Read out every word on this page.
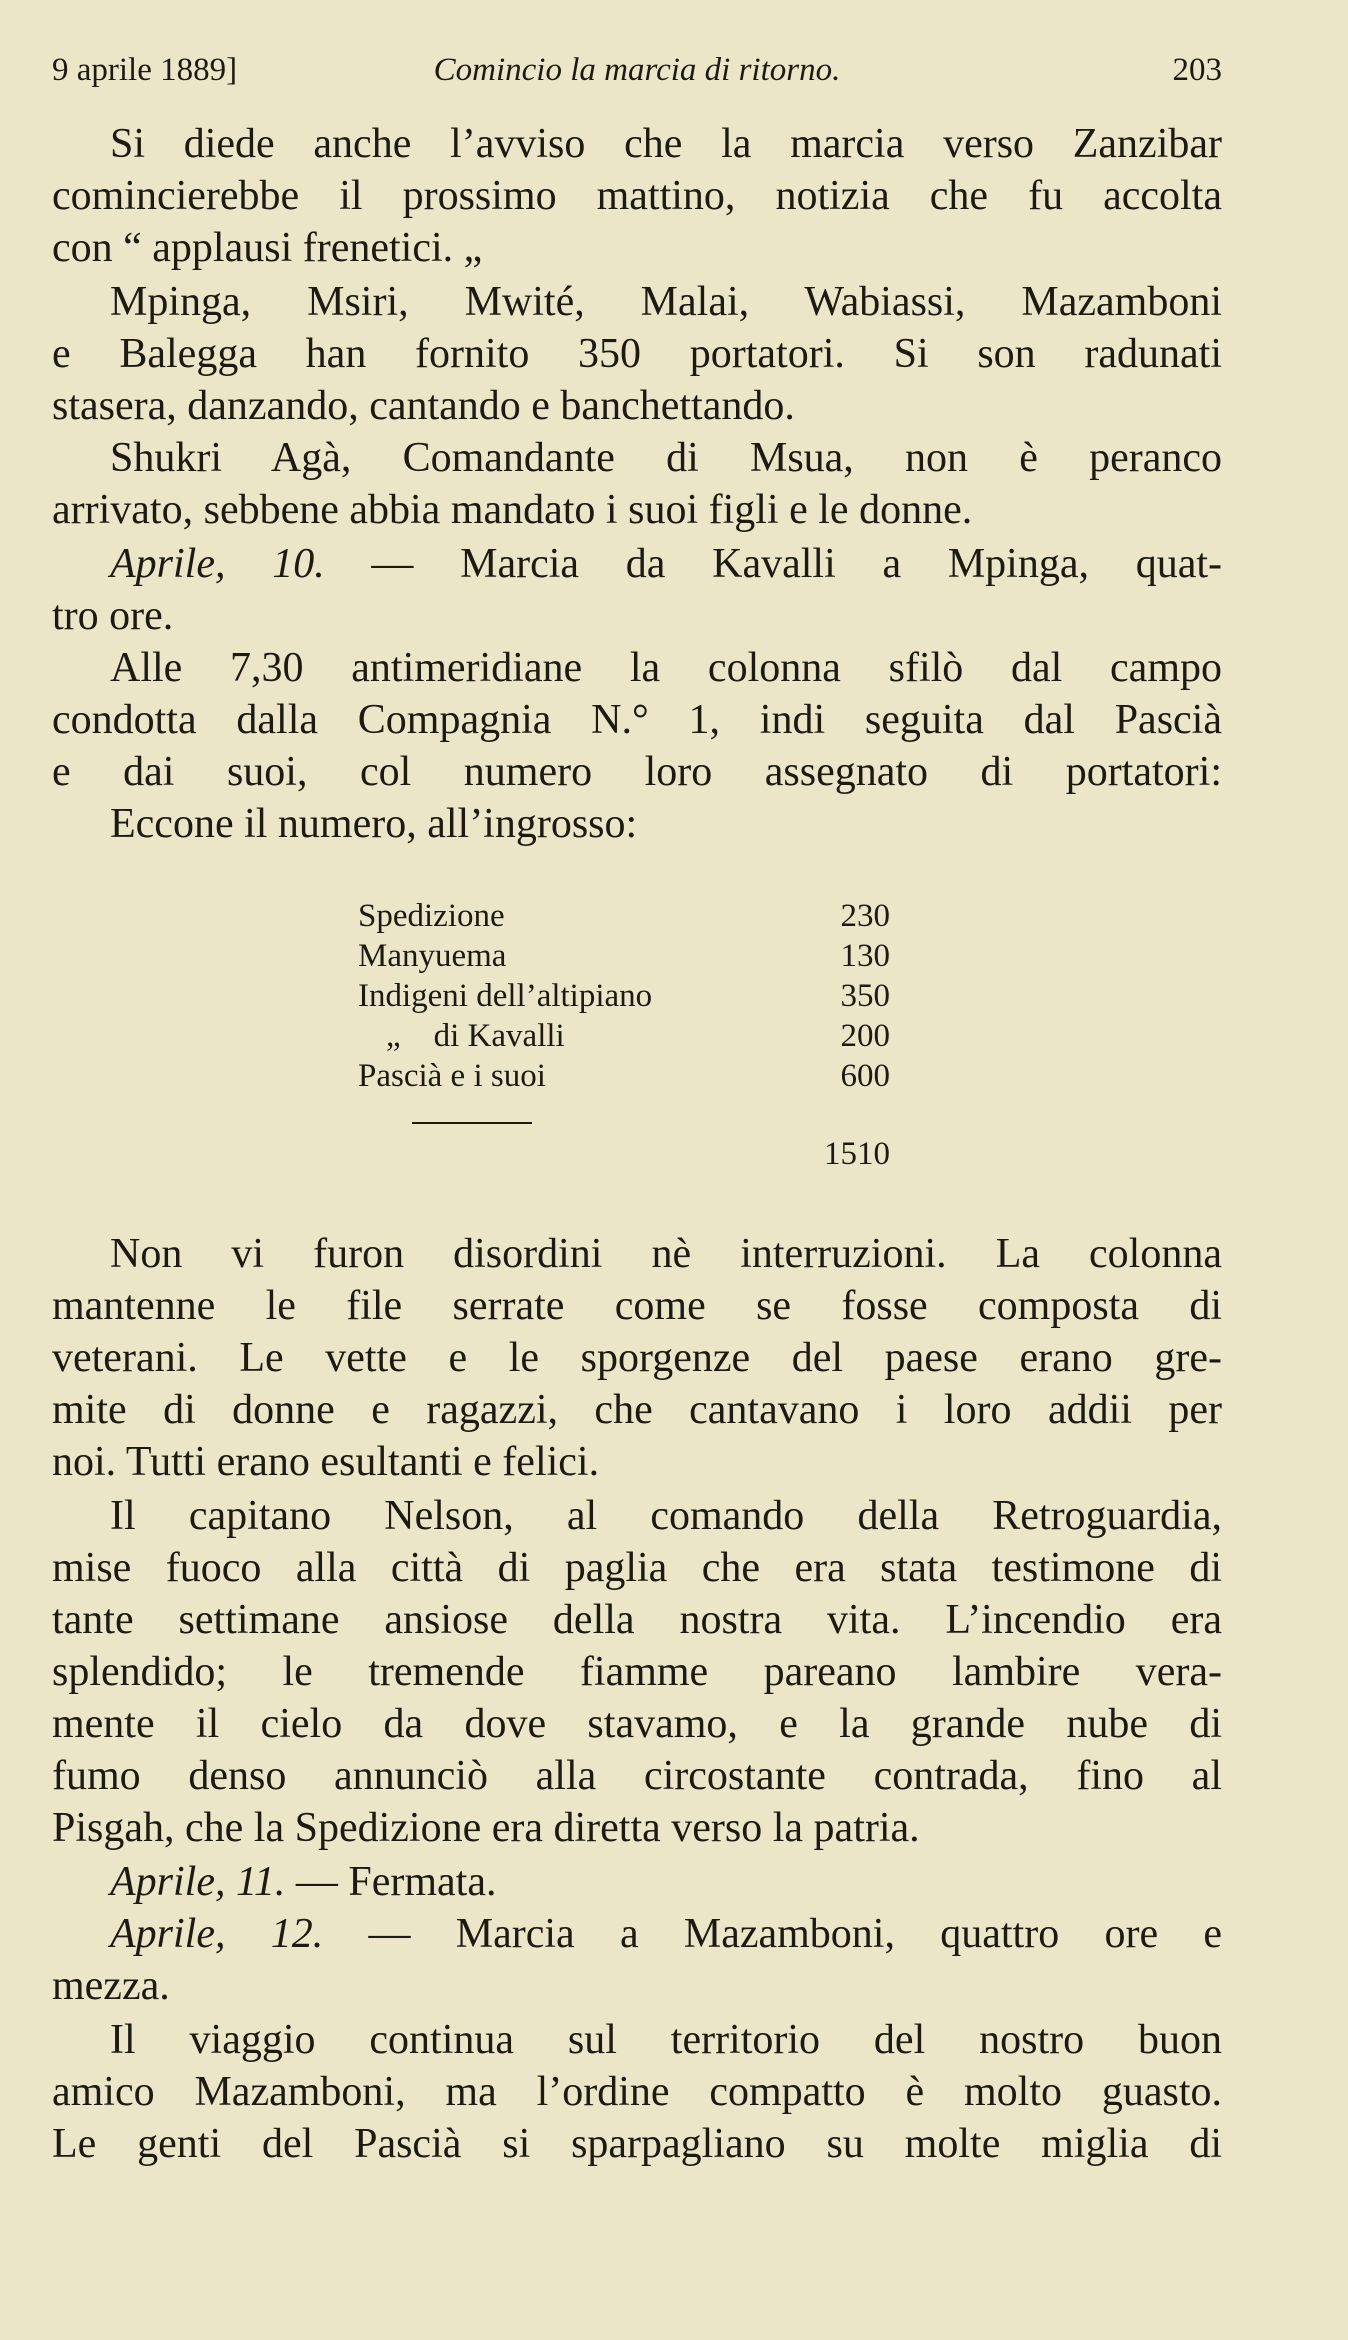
9 aprile 1889]	Comincio la marcia di ritorno.	203
Si diede anche l’avviso che la marcia verso Zanzibar
comincierebbe il prossimo mattino, notizia che fu accolta
con “ applausi frenetici. „
Mpinga, Msiri, Mwité, Malai, Wabiassi, Mazamboni
e Balegga han fornito 350 portatori. Si son radunati
stasera, danzando, cantando e banchettando.
Shukri Agà, Comandante di Msua, non è peranco
arrivato, sebbene abbia mandato i suoi figli e le donne.
Aprile, 10. — Marcia da Kavalli a Mpinga, quat-
tro ore.
Alle 7,30 antimeridiane la colonna sfilò dal campo
condotta dalla Compagnia N.° 1, indi seguita dal Pascià
e dai suoi, col numero loro assegnato di portatori:
Eccone il numero, all’ingrosso:
Spedizione	230
Manyuema	130
Indigeni dell’altipiano	350
„    di Kavalli	200
Pascià e i suoi	600
1510
Non vi furon disordini nè interruzioni. La colonna
mantenne le file serrate come se fosse composta di
veterani. Le vette e le sporgenze del paese erano gre-
mite di donne e ragazzi, che cantavano i loro addii per
noi. Tutti erano esultanti e felici.
Il capitano Nelson, al comando della Retroguardia,
mise fuoco alla città di paglia che era stata testimone di
tante settimane ansiose della nostra vita. L’incendio era
splendido; le tremende fiamme pareano lambire vera-
mente il cielo da dove stavamo, e la grande nube di
fumo denso annunciò alla circostante contrada, fino al
Pisgah, che la Spedizione era diretta verso la patria.
Aprile, 11. — Fermata.
Aprile, 12. — Marcia a Mazamboni, quattro ore e
mezza.
Il viaggio continua sul territorio del nostro buon
amico Mazamboni, ma l’ordine compatto è molto guasto.
Le genti del Pascià si sparpagliano su molte miglia di
